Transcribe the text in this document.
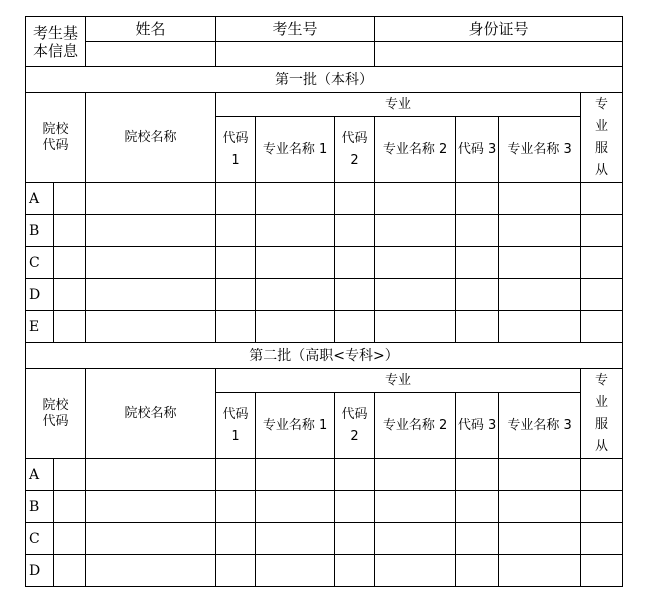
考生基本信息		姓名	考生号			身份证号			

第一批（本科）									

院校代码		院校名称	专业						专业服从

			代码1	专业名称 1	代码2	专业名称 2	代码 3	专业名称 3	
A									
B									
C									
D									
E									
第二批（高职<专科>）									

院校代码		院校名称	专业						专业服从

			代码1	专业名称 1	代码2	专业名称 2	代码 3	专业名称 3	
A									
B									
C									
D									
